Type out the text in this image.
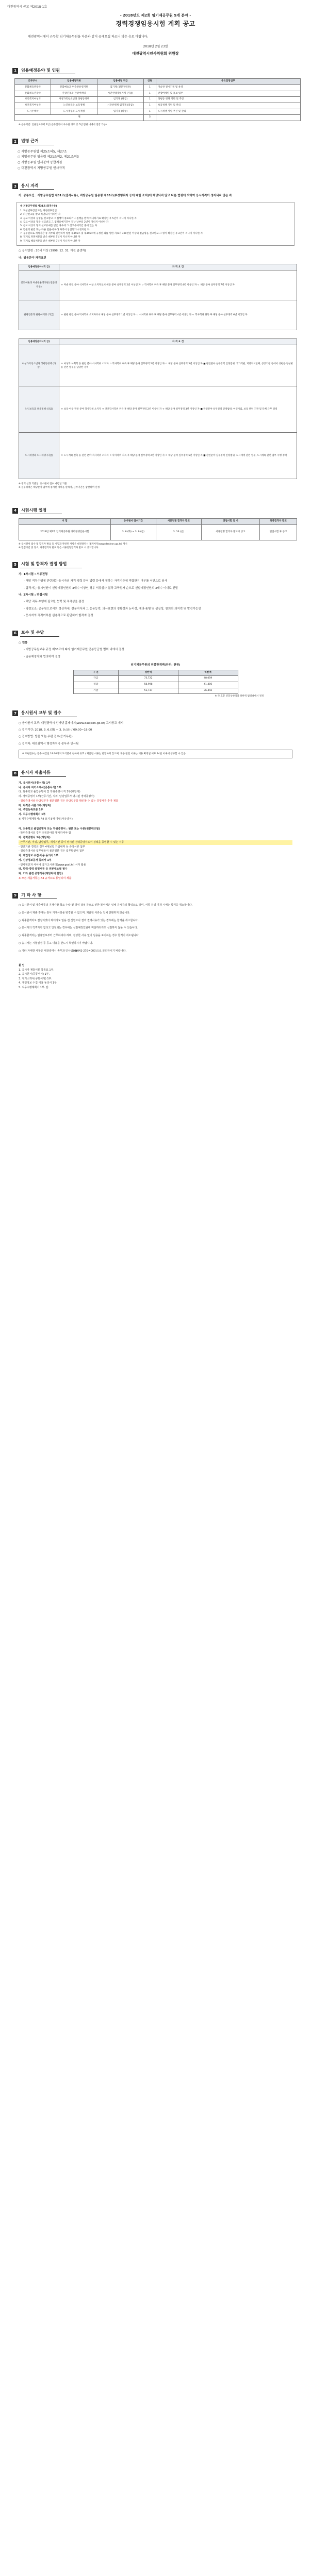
대전광역시 공고 제2018-1호
- 2018년도 제2회 임기제공무원 5개 분야 -
경력경쟁임용시험 계획 공고
대전광역시에서 근무할 임기제공무원을 다음과 같이 공개모집 하오니 많은 응모 바랍니다.
2018년 2월 23일
대전광역시인사위원회 위원장
1	임용예정분야 및 인원
근무부서	임용예정직위	임용예정 직급	인원	주요담당업무
문화체육관광국	문화예술과 미술관운영지원	임기제 (전문경력관)	1	미술관 전시기획 및 운영
문화체육관광국	관광진흥과 관광마케팅	시간선택제임기제 (가급)	1	관광마케팅 및 홍보 업무
보건복지여성국	여성가족청소년과 성평등정책	임기제 (다급)	1	성평등 정책 기획 및 추진
보건복지여성국	노인보육과 보육정책	시간선택제 임기제 (라급)	1	보육정책 지원 및 관리
도시주택국	도시재생과 도시재생	임기제 (다급)	1	도시재생 사업 추진 및 관리
계			5	
※ 근무기간: 임용일로부터 1년 (근무실적이 우수한 경우 총 5년 범위 내에서 연장 가능)
2	법령 근거
○ 지방공무원법 제25조의5, 제27조
○ 지방공무원 임용령 제21조의2, 제21조의3
○ 지방공무원 인사분야 통합지침
○ 대전광역시 지방공무원 인사규칙
3	응시 자격
가. 공통요건 : 지방공무원법 제31조(결격사유), 지방공무원 임용령 제65조(부정행위자 등에 대한 조치)에 해당되지 않고 다른 법령에 의하여 응시자격이 정지되지 않은 자
※ 지방공무원법 제31조(결격사유)
1. 피성년후견인 또는 피한정후견인
2. 파산선고를 받고 복권되지 아니한 자
3. 금고 이상의 실형을 선고받고 그 집행이 종료되거나 집행을 받지 아니하기로 확정된 후 5년이 지나지 아니한 자
4. 금고 이상의 형을 선고받고 그 집행유예기간이 끝난 날부터 2년이 지나지 아니한 자
5. 금고 이상의 형의 선고유예를 받은 경우에 그 선고유예기간 중에 있는 자
6. 법원의 판결 또는 다른 법률에 따라 자격이 상실되거나 정지된 자
7. 공무원으로 재직기간 중 직무와 관련하여 형법 제355조 및 제356조에 규정된 죄를 범한 자로서 300만원 이상의 벌금형을 선고받고 그 형이 확정된 후 2년이 지나지 아니한 자
8. 징계로 파면처분을 받은 때부터 5년이 지나지 아니한 자
9. 징계로 해임처분을 받은 때부터 3년이 지나지 아니한 자
○ 응시연령 : 20세 이상 (1998. 12. 31. 이전 출생자)
나. 임용분야 자격요건
임용예정분야 (직 급)	자 격 요 건
문화예술과 미술관운영지원 (전문경력관)	ㅇ 미술 관련 분야 석사학위 이상 소지자로서 해당 분야 실무경력 2년 이상인 자 ㅇ 학사학위 취득 후 해당 분야 실무경력 4년 이상인 자 ㅇ 해당 분야 실무경력 7년 이상인 자
관광진흥과 관광마케팅 (가급)	ㅇ 관광 관련 분야 박사학위 소지자로서 해당 분야 실무경력 1년 이상인 자 ㅇ 석사학위 취득 후 해당 분야 실무경력 4년 이상인 자 ㅇ 학사학위 취득 후 해당 분야 실무경력 6년 이상인 자
임용예정분야 (직 급)	자 격 요 건
여성가족청소년과 성평등정책 (다급)	ㅇ 여성학·사회학 등 관련 분야 석사학위 소지자 ㅇ 학사학위 취득 후 해당 분야 실무경력 2년 이상인 자 ㅇ 해당 분야 실무경력 5년 이상인 자 ■ 관련분야 실무경력 인정범위: 국가기관, 지방자치단체, 공공기관 등에서 성평등·양성평등 관련 업무를 담당한 경력
노인보육과 보육정책 (라급)	ㅇ 보육·아동 관련 분야 학사학위 소지자 ㅇ 전문학사학위 취득 후 해당 분야 실무경력 2년 이상인 자 ㅇ 해당 분야 실무경력 3년 이상인 자 ■ 관련분야 실무경력 인정범위: 어린이집, 보육 관련 기관 및 단체 근무 경력
도시재생과 도시재생 (다급)	ㅇ 도시계획·건축 등 관련 분야 석사학위 소지자 ㅇ 학사학위 취득 후 해당 분야 실무경력 2년 이상인 자 ㅇ 해당 분야 실무경력 5년 이상인 자 ■ 관련분야 실무경력 인정범위: 도시재생 관련 업무, 도시계획 관련 업무 수행 경력
※ 경력 산정 기준일: 응시원서 접수 마감일 기준
※ 실무경력은 해당분야 업무에 종사한 경력을 말하며, 근무기간은 합산하여 산정
4	시험시행 일정
시 험	응시원서 접수기간	서류전형 합격자 발표	면접시험 일 시	최종합격자 발표
2018년 제2회 임기제공무원 경력경쟁임용시험	3. 6.(화) ~ 3. 9.(금)	3. 16.(금)	서류전형 합격자 발표시 공고	면접시험 후 공고
※ 응시원서 접수 및 합격자 발표 등 시험과 관련된 사항은 대전광역시 홈페이지(www.daejeon.go.kr) 게시
※ 면접시간 및 장소, 최종합격자 발표 등은 서류전형합격자 발표 시 공고합니다.
5	시험 및 합격자 결정 방법
가. 1차시험 : 서류전형
- 해당 직무수행에 관련되는 응시자의 자격·경력 등이 법령 등에서 정하는 자격기준에 적합한지 여부를 서면으로 심사
- 합격자는 응시인원이 선발예정인원의 3배수 이상인 경우 서류심사 결과 고득점자 순으로 선발예정인원의 3배수 이내로 선발
나. 2차시험 : 면접시험
- 해당 직무 수행에 필요한 능력 및 적격성을 검정
- 평정요소: 공무원으로서의 정신자세, 전문지식과 그 응용능력, 의사표현의 정확성과 논리성, 예의·품행 및 성실성, 창의력·의지력 및 발전가능성
- 응시자의 적격여부를 심층적으로 판단하여 합격자 결정
6	보수 및 수당
○ 연봉
- 지방공무원보수 규정 제35조에 따라 임기제공무원 연봉등급별 범위 내에서 결정
- 임용예정자와 협의하여 결정
임기제공무원의 연봉한계액(단위: 천원)
구 분	상한액	하한액
다급	73,722	48,059
라급	58,998	41,406
가급	51,737	36,442
※ 각 호봉 연봉상한액과 하한액 범위내에서 결정
7	응시원서 교부 및 접수
○ 응시원서 교부: 대전광역시 인터넷 홈페이지(www.daejeon.go.kr) 고시공고 게시
○ 접수기간: 2018. 3. 6.(화) ~ 3. 9.(금) / 09:00~18:00
○ 접수방법: 방문 또는 우편 접수(등기우편)
○ 접수처: 대전광역시 행정자치국 총무과 인사팀
※ 우편접수는 접수 마감일 18:00까지 도착분에 한하여 유효 / 제출된 서류는 반환하지 않으며, 채용 관련 서류는 채용 확정일 이후 14일 이내에 청구할 수 있음
8	응시자 제출서류
가. 응시원서(공통서식) 1부
나. 응시자 자기소개서(공통서식) 1부
다. 최종학교 졸업증명서 및 학위증명서 각 1부(해당자)
라. 경력증명서 1부(근무기간, 직위, 담당업무가 명시된 경력증명서)
- 경력증명서상 담당업무가 불분명한 경우 담당업무를 확인할 수 있는 증빙서류 추가 제출
마. 자격증 사본 1부(해당자)
바. 주민등록초본 1부
사. 직무수행계획서 1부
※ 직무수행계획서: A4 용지 5매 이내(자유양식)
아. 최종학교 졸업증명서 또는 학위증명서 : 원본 또는 사본(원본대조필)
- 학위증명서의 경우 전공분야를 명시하여야 함
자. 경력증명서 1부(해당자)
- 근무기관, 직위, 담당업무, 재직기간 등이 명시된 경력증명서로서 경력을 증빙할 수 있는 서류
- 민간기관 경력의 경우 4대보험 가입내역 등 증빙서류 첨부
- 경력증명서상 업무내용이 불분명한 경우 업무확인서 첨부
차. 개인정보 수집·이용 동의서 1부
카. 신상정보공개 동의서 1부
- 인사혁신처 사이버 국가고시센터(www.gosi.kr) 서식 활용
타. 학력·경력 증명서류 등 원본대조필 필수
파. 기타 관련 증빙서류(해당자에 한함)
※ 모든 제출서류는 A4 규격으로 통일하여 제출
9	기 타 사 항

○ 응시원서 및 제출서류의 기재사항 착오·누락 및 허위 작성 등으로 인한 불이익은 일체 응시자의 책임으로 하며, 서류 허위 기재 시에는 합격을 취소합니다.

○ 응시원서 제출 후에는 원서 기재사항을 변경할 수 없으며, 제출된 서류는 일체 반환하지 않습니다.

○ 최종합격자로 결정되었다 하더라도 임용 전 신원조사 결과 결격사유가 있는 경우에는 합격을 취소합니다.

○ 응시자의 적격자가 없다고 인정되는 경우에는 선발예정인원에 미달하더라도 선발하지 않을 수 있습니다.

○ 최종합격자는 임용일로부터 근무하여야 하며, 정당한 사유 없이 임용을 포기하는 경우 합격이 취소됩니다.

○ 응시자는 시험일정 등 공고 내용을 반드시 확인하시기 바랍니다.

○ 기타 자세한 사항은 대전광역시 총무과 인사팀(☎042-270-4000)으로 문의하시기 바랍니다.

붙 임
1. 응시자 제출서류 목록표 1부.
2. 응시원서(공통서식) 1부.
3. 자기소개서(공통서식) 1부.
4. 개인정보 수집·이용 동의서 1부.
5. 직무수행계획서 1부. 끝.
